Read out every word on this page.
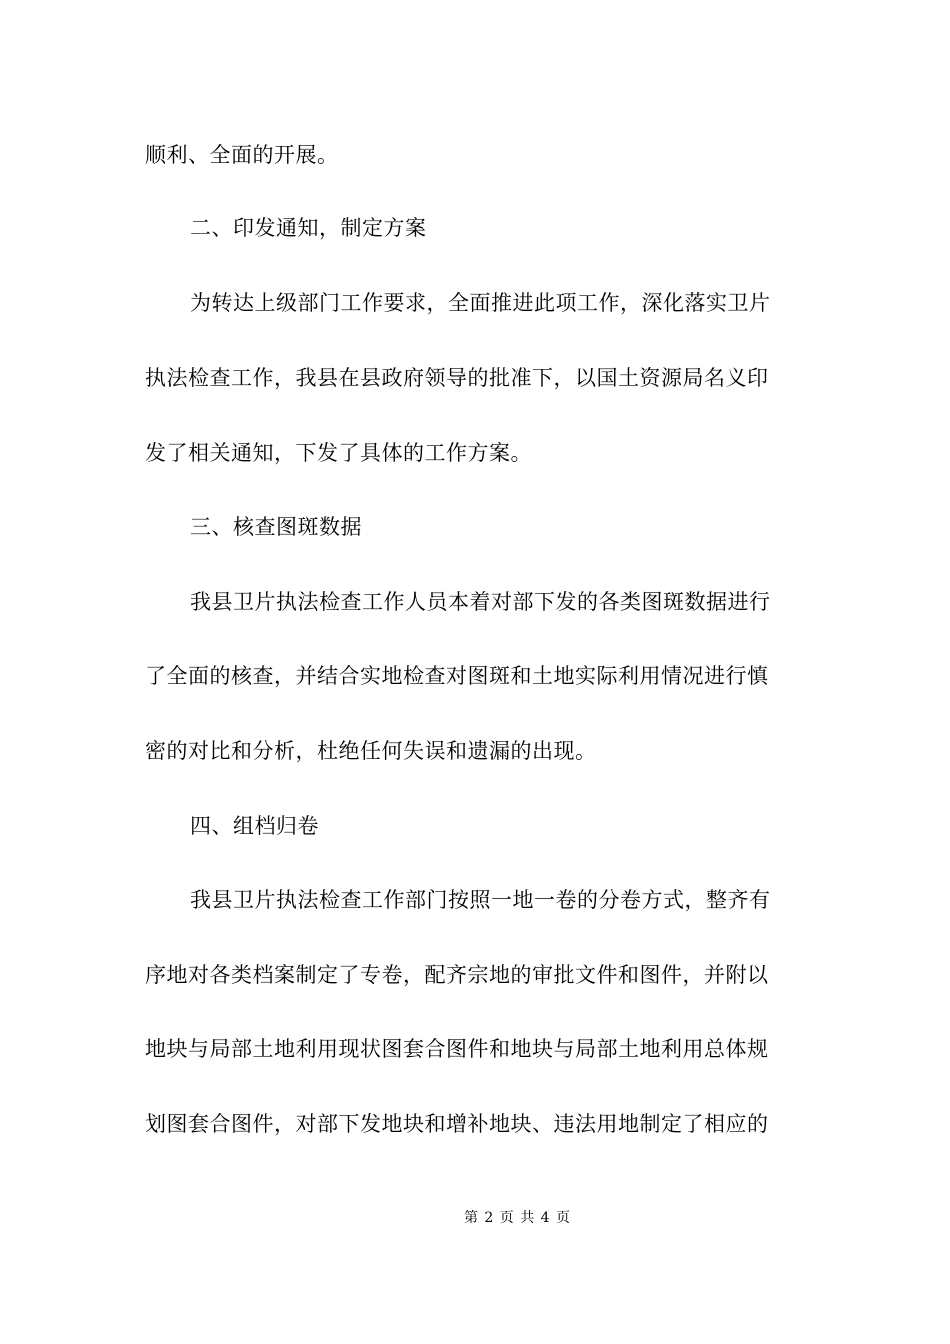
顺利、全面的开展。
二、印发通知，制定方案
为转达上级部门工作要求，全面推进此项工作，深化落实卫片
执法检查工作，我县在县政府领导的批准下，以国土资源局名义印
发了相关通知，下发了具体的工作方案。
三、核查图斑数据
我县卫片执法检查工作人员本着对部下发的各类图斑数据进行
了全面的核查，并结合实地检查对图斑和土地实际利用情况进行慎
密的对比和分析，杜绝任何失误和遗漏的出现。
四、组档归卷
我县卫片执法检查工作部门按照一地一卷的分卷方式，整齐有
序地对各类档案制定了专卷，配齐宗地的审批文件和图件，并附以
地块与局部土地利用现状图套合图件和地块与局部土地利用总体规
划图套合图件，对部下发地块和增补地块、违法用地制定了相应的
第 2 页 共 4 页
